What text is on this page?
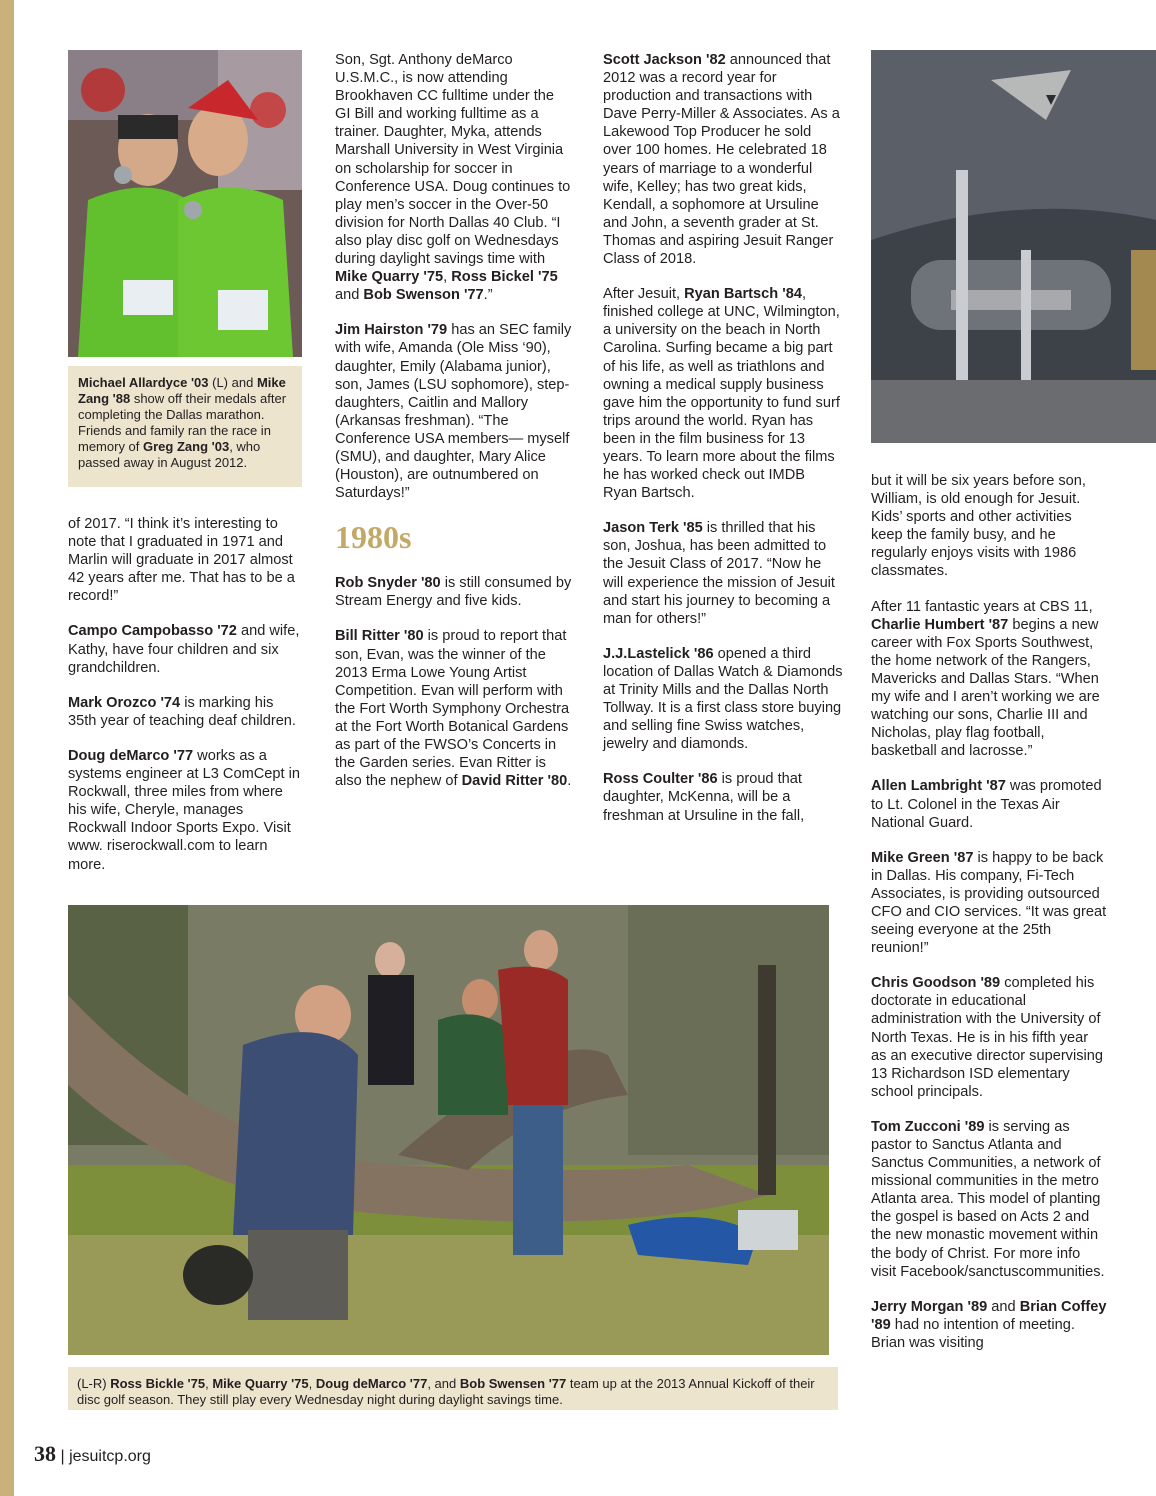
Michael Allardyce '03 (L) and Mike Zang '88 show off their medals after completing the Dallas marathon. Friends and family ran the race in memory of Greg Zang '03, who passed away in August 2012.
(L-R) Ross Bickle '75, Mike Quarry '75, Doug deMarco '77, and Bob Swensen '77 team up at the 2013 Annual Kickoff of their disc golf season. They still play every Wednesday night during daylight savings time.

of 2017. “I think it’s interesting to note that I graduated in 1971 and Marlin will graduate in 2017 almost 42 years after me. That has to be a record!”

Campo Campobasso '72 and wife, Kathy, have four children and six grandchildren.

Mark Orozco '74 is marking his 35th year of teaching deaf children.

Doug deMarco '77 works as a systems engineer at L3 ComCept in Rockwall, three miles from where his wife, Cheryle, manages Rockwall Indoor Sports Expo. Visit www. riserockwall.com to learn more.

Son, Sgt. Anthony deMarco U.S.M.C., is now attending Brookhaven CC fulltime under the GI Bill and working fulltime as a trainer. Daughter, Myka, attends Marshall University in West Virginia on scholarship for soccer in Conference USA. Doug continues to play men’s soccer in the Over-50 division for North Dallas 40 Club. “I also play disc golf on Wednesdays during daylight savings time with Mike Quarry '75, Ross Bickel '75 and Bob Swenson '77.”

Jim Hairston '79 has an SEC family with wife, Amanda (Ole Miss ‘90), daughter, Emily (Alabama junior), son, James (LSU sophomore), step-daughters, Caitlin and Mallory (Arkansas freshman). “The Conference USA members— myself (SMU), and daughter, Mary Alice (Houston), are outnumbered on Saturdays!”

1980s

Rob Snyder '80 is still consumed by Stream Energy and five kids.

Bill Ritter '80 is proud to report that son, Evan, was the winner of the 2013 Erma Lowe Young Artist Competition. Evan will perform with the Fort Worth Symphony Orchestra at the Fort Worth Botanical Gardens as part of the FWSO’s Concerts in the Garden series. Evan Ritter is also the nephew of David Ritter '80.

Scott Jackson '82 announced that 2012 was a record year for production and transactions with Dave Perry-Miller & Associates. As a Lakewood Top Producer he sold over 100 homes. He celebrated 18 years of marriage to a wonderful wife, Kelley; has two great kids, Kendall, a sophomore at Ursuline and John, a seventh grader at St. Thomas and aspiring Jesuit Ranger Class of 2018.

After Jesuit, Ryan Bartsch '84, finished college at UNC, Wilmington, a university on the beach in North Carolina. Surfing became a big part of his life, as well as triathlons and owning a medical supply business gave him the opportunity to fund surf trips around the world. Ryan has been in the film business for 13 years. To learn more about the films he has worked check out IMDB Ryan Bartsch.

Jason Terk '85 is thrilled that his son, Joshua, has been admitted to the Jesuit Class of 2017. “Now he will experience the mission of Jesuit and start his journey to becoming a man for others!”

J.J.Lastelick '86 opened a third location of Dallas Watch & Diamonds at Trinity Mills and the Dallas North Tollway. It is a first class store buying and selling fine Swiss watches, jewelry and diamonds.

Ross Coulter '86 is proud that daughter, McKenna, will be a freshman at Ursuline in the fall,

but it will be six years before son, William, is old enough for Jesuit. Kids’ sports and other activities keep the family busy, and he regularly enjoys visits with 1986 classmates.

After 11 fantastic years at CBS 11, Charlie Humbert '87 begins a new career with Fox Sports Southwest, the home network of the Rangers, Mavericks and Dallas Stars. “When my wife and I aren’t working we are watching our sons, Charlie III and Nicholas, play flag football, basketball and lacrosse.”

Allen Lambright '87 was promoted to Lt. Colonel in the Texas Air National Guard.

Mike Green '87 is happy to be back in Dallas. His company, Fi-Tech Associates, is providing outsourced CFO and CIO services. “It was great seeing everyone at the 25th reunion!”

Chris Goodson '89 completed his doctorate in educational administration with the University of North Texas. He is in his fifth year as an executive director supervising 13 Richardson ISD elementary school principals.

Tom Zucconi '89 is serving as pastor to Sanctus Atlanta and Sanctus Communities, a network of missional communities in the metro Atlanta area. This model of planting the gospel is based on Acts 2 and the new monastic movement within the body of Christ. For more info visit Facebook/sanctuscommunities.

Jerry Morgan '89 and Brian Coffey '89 had no intention of meeting. Brian was visiting

38 | jesuitcp.org
